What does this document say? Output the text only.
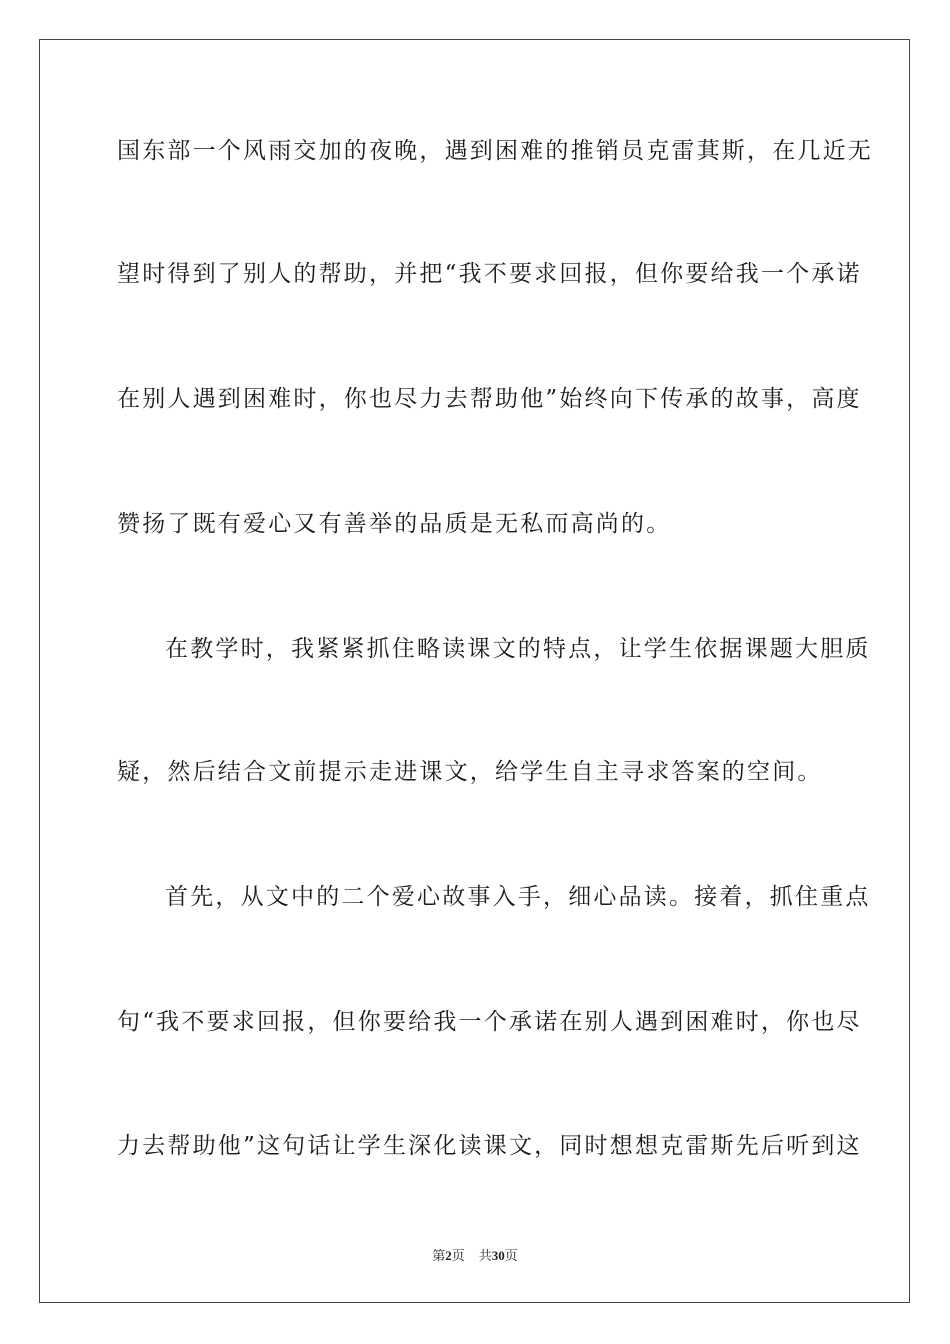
国东部一个风雨交加的夜晚，遇到困难的推销员克雷萁斯，在几近无
望时得到了别人的帮助，并把“我不要求回报，但你要给我一个承诺
在别人遇到困难时，你也尽力去帮助他”始终向下传承的故事，高度
赞扬了既有爱心又有善举的品质是无私而高尚的。
在教学时，我紧紧抓住略读课文的特点，让学生依据课题大胆质
疑，然后结合文前提示走进课文，给学生自主寻求答案的空间。
首先，从文中的二个爱心故事入手，细心品读。接着，抓住重点
句“我不要求回报，但你要给我一个承诺在别人遇到困难时，你也尽
力去帮助他”这句话让学生深化读课文，同时想想克雷斯先后听到这
第2页 共30页
